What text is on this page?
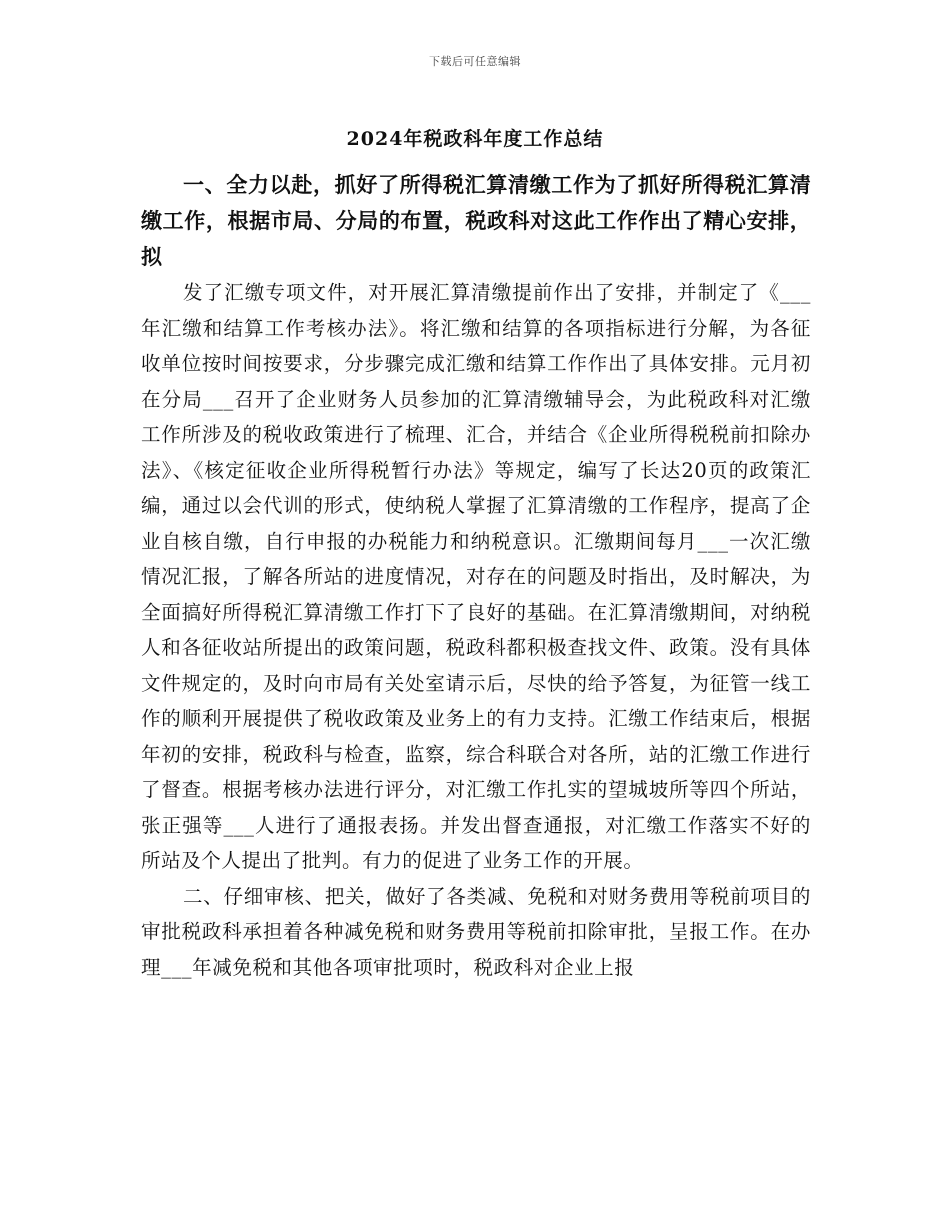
下载后可任意编辑
2024年税政科年度工作总结

一、全力以赴，抓好了所得税汇算清缴工作为了抓好所得税汇算清缴工作，根据市局、分局的布置，税政科对这此工作作出了精心安排，拟

发了汇缴专项文件，对开展汇算清缴提前作出了安排，并制定了《___年汇缴和结算工作考核办法》。将汇缴和结算的各项指标进行分解，为各征收单位按时间按要求，分步骤完成汇缴和结算工作作出了具体安排。元月初在分局___召开了企业财务人员参加的汇算清缴辅导会，为此税政科对汇缴工作所涉及的税收政策进行了梳理、汇合，并结合《企业所得税税前扣除办法》、《核定征收企业所得税暂行办法》等规定，编写了长达20页的政策汇编，通过以会代训的形式，使纳税人掌握了汇算清缴的工作程序，提高了企业自核自缴，自行申报的办税能力和纳税意识。汇缴期间每月___一次汇缴情况汇报，了解各所站的进度情况，对存在的问题及时指出，及时解决，为全面搞好所得税汇算清缴工作打下了良好的基础。在汇算清缴期间，对纳税人和各征收站所提出的政策问题，税政科都积极查找文件、政策。没有具体文件规定的，及时向市局有关处室请示后，尽快的给予答复，为征管一线工作的顺利开展提供了税收政策及业务上的有力支持。汇缴工作结束后，根据年初的安排，税政科与检查，监察，综合科联合对各所，站的汇缴工作进行了督查。根据考核办法进行评分，对汇缴工作扎实的望城坡所等四个所站，张正强等___人进行了通报表扬。并发出督查通报，对汇缴工作落实不好的所站及个人提出了批判。有力的促进了业务工作的开展。

二、仔细审核、把关，做好了各类减、免税和对财务费用等税前项目的审批税政科承担着各种减免税和财务费用等税前扣除审批，呈报工作。在办理___年减免税和其他各项审批项时，税政科对企业上报
